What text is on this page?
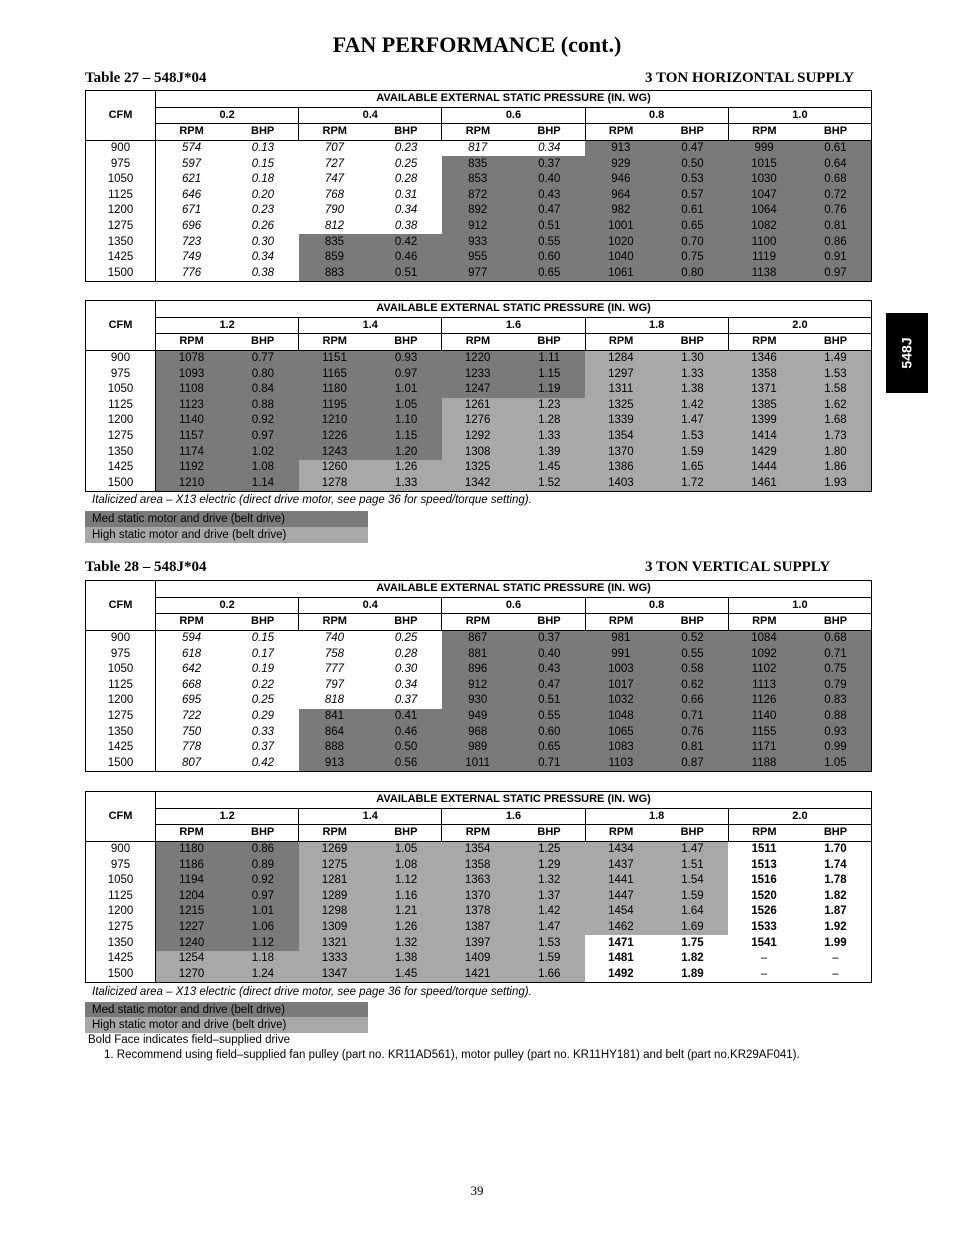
FAN PERFORMANCE (cont.)
548J
Table 27 – 548J*04	3 TON HORIZONTAL SUPPLY
CFM	AVAILABLE EXTERNAL STATIC PRESSURE (IN. WG)									
	0.2		0.4		0.6		0.8		1.0	
	RPM	BHP	RPM	BHP	RPM	BHP	RPM	BHP	RPM	BHP
900	574	0.13	707	0.23	817	0.34	913	0.47	999	0.61
975	597	0.15	727	0.25	835	0.37	929	0.50	1015	0.64
1050	621	0.18	747	0.28	853	0.40	946	0.53	1030	0.68
1125	646	0.20	768	0.31	872	0.43	964	0.57	1047	0.72
1200	671	0.23	790	0.34	892	0.47	982	0.61	1064	0.76
1275	696	0.26	812	0.38	912	0.51	1001	0.65	1082	0.81
1350	723	0.30	835	0.42	933	0.55	1020	0.70	1100	0.86
1425	749	0.34	859	0.46	955	0.60	1040	0.75	1119	0.91
1500	776	0.38	883	0.51	977	0.65	1061	0.80	1138	0.97
CFM	AVAILABLE EXTERNAL STATIC PRESSURE (IN. WG)									
	1.2		1.4		1.6		1.8		2.0	
	RPM	BHP	RPM	BHP	RPM	BHP	RPM	BHP	RPM	BHP
900	1078	0.77	1151	0.93	1220	1.11	1284	1.30	1346	1.49
975	1093	0.80	1165	0.97	1233	1.15	1297	1.33	1358	1.53
1050	1108	0.84	1180	1.01	1247	1.19	1311	1.38	1371	1.58
1125	1123	0.88	1195	1.05	1261	1.23	1325	1.42	1385	1.62
1200	1140	0.92	1210	1.10	1276	1.28	1339	1.47	1399	1.68
1275	1157	0.97	1226	1.15	1292	1.33	1354	1.53	1414	1.73
1350	1174	1.02	1243	1.20	1308	1.39	1370	1.59	1429	1.80
1425	1192	1.08	1260	1.26	1325	1.45	1386	1.65	1444	1.86
1500	1210	1.14	1278	1.33	1342	1.52	1403	1.72	1461	1.93
Italicized area – X13 electric (direct drive motor, see page 36 for speed/torque setting).
Med static motor and drive (belt drive)
High static motor and drive (belt drive)
Table 28 – 548J*04	3 TON VERTICAL SUPPLY
CFM	AVAILABLE EXTERNAL STATIC PRESSURE (IN. WG)									
	0.2		0.4		0.6		0.8		1.0	
	RPM	BHP	RPM	BHP	RPM	BHP	RPM	BHP	RPM	BHP
900	594	0.15	740	0.25	867	0.37	981	0.52	1084	0.68
975	618	0.17	758	0.28	881	0.40	991	0.55	1092	0.71
1050	642	0.19	777	0.30	896	0.43	1003	0.58	1102	0.75
1125	668	0.22	797	0.34	912	0.47	1017	0.62	1113	0.79
1200	695	0.25	818	0.37	930	0.51	1032	0.66	1126	0.83
1275	722	0.29	841	0.41	949	0.55	1048	0.71	1140	0.88
1350	750	0.33	864	0.46	968	0.60	1065	0.76	1155	0.93
1425	778	0.37	888	0.50	989	0.65	1083	0.81	1171	0.99
1500	807	0.42	913	0.56	1011	0.71	1103	0.87	1188	1.05
CFM	AVAILABLE EXTERNAL STATIC PRESSURE (IN. WG)									
	1.2		1.4		1.6		1.8		2.0	
	RPM	BHP	RPM	BHP	RPM	BHP	RPM	BHP	RPM	BHP
900	1180	0.86	1269	1.05	1354	1.25	1434	1.47	1511	1.70
975	1186	0.89	1275	1.08	1358	1.29	1437	1.51	1513	1.74
1050	1194	0.92	1281	1.12	1363	1.32	1441	1.54	1516	1.78
1125	1204	0.97	1289	1.16	1370	1.37	1447	1.59	1520	1.82
1200	1215	1.01	1298	1.21	1378	1.42	1454	1.64	1526	1.87
1275	1227	1.06	1309	1.26	1387	1.47	1462	1.69	1533	1.92
1350	1240	1.12	1321	1.32	1397	1.53	1471	1.75	1541	1.99
1425	1254	1.18	1333	1.38	1409	1.59	1481	1.82	–	–
1500	1270	1.24	1347	1.45	1421	1.66	1492	1.89	–	–
Italicized area – X13 electric (direct drive motor, see page 36 for speed/torque setting).
Med static motor and drive (belt drive)
High static motor and drive (belt drive)
Bold Face indicates field–supplied drive
1. Recommend using field–supplied fan pulley (part no. KR11AD561), motor pulley (part no. KR11HY181) and belt (part no.KR29AF041).
39
